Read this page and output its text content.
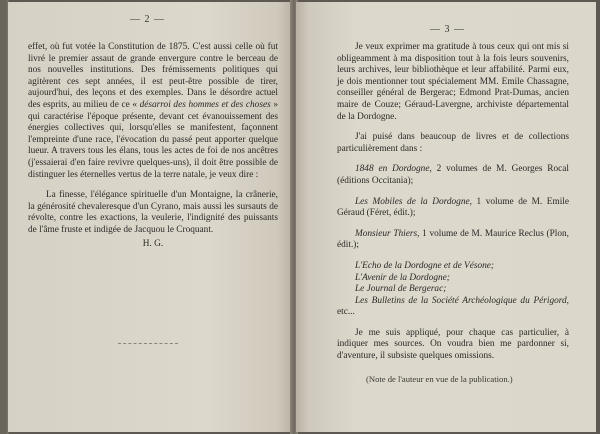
— 2 —

effet, où fut votée la Constitution de 1875. C'est aussi celle où fut livré le premier assaut de grande envergure contre le berceau de nos nouvelles institutions. Des frémissements politiques qui agitèrent ces sept années, il est peut-être possible de tirer, aujourd'hui, des leçons et des exemples. Dans le désordre actuel des esprits, au milieu de ce « désarroi des hommes et des choses » qui caractérise l'époque présente, devant cet évanouissement des énergies collectives qui, lorsqu'elles se manifestent, façonnent l'empreinte d'une race, l'évocation du passé peut apporter quelque lueur. A travers tous les élans, tous les actes de foi de nos ancêtres (j'essaierai d'en faire revivre quelques-uns), il doit être possible de distinguer les éternelles vertus de la terre natale, je veux dire :

La finesse, l'élégance spirituelle d'un Montaigne, la crânerie, la générosité chevaleresque d'un Cyrano, mais aussi les sursauts de révolte, contre les exactions, la veulerie, l'indignité des puissants de l'âme fruste et indigée de Jacquou le Croquant.

H. G.

— 3 —

Je veux exprimer ma gratitude à tous ceux qui ont mis si obligeamment à ma disposition tout à la fois leurs souvenirs, leurs archives, leur bibliothèque et leur affabilité. Parmi eux, je dois mentionner tout spécialement MM. Emile Chassagne, conseiller général de Bergerac; Edmond Prat-Dumas, ancien maire de Couze; Géraud-Lavergne, archiviste départemental de la Dordogne.

J'ai puisé dans beaucoup de livres et de collections particulièrement dans :

1848 en Dordogne, 2 volumes de M. Georges Rocal (éditions Occitania);

Les Mobiles de la Dordogne, 1 volume de M. Emile Géraud (Féret, édit.);

Monsieur Thiers, 1 volume de M. Maurice Reclus (Plon, édit.);

L'Echo de la Dordogne et de Vésone;

L'Avenir de la Dordogne;

Le Journal de Bergerac;

Les Bulletins de la Société Archéologique du Périgord, etc...

Je me suis appliqué, pour chaque cas particulier, à indiquer mes sources. On voudra bien me pardonner si, d'aventure, il subsiste quelques omissions.

(Note de l'auteur en vue de la publication.)
